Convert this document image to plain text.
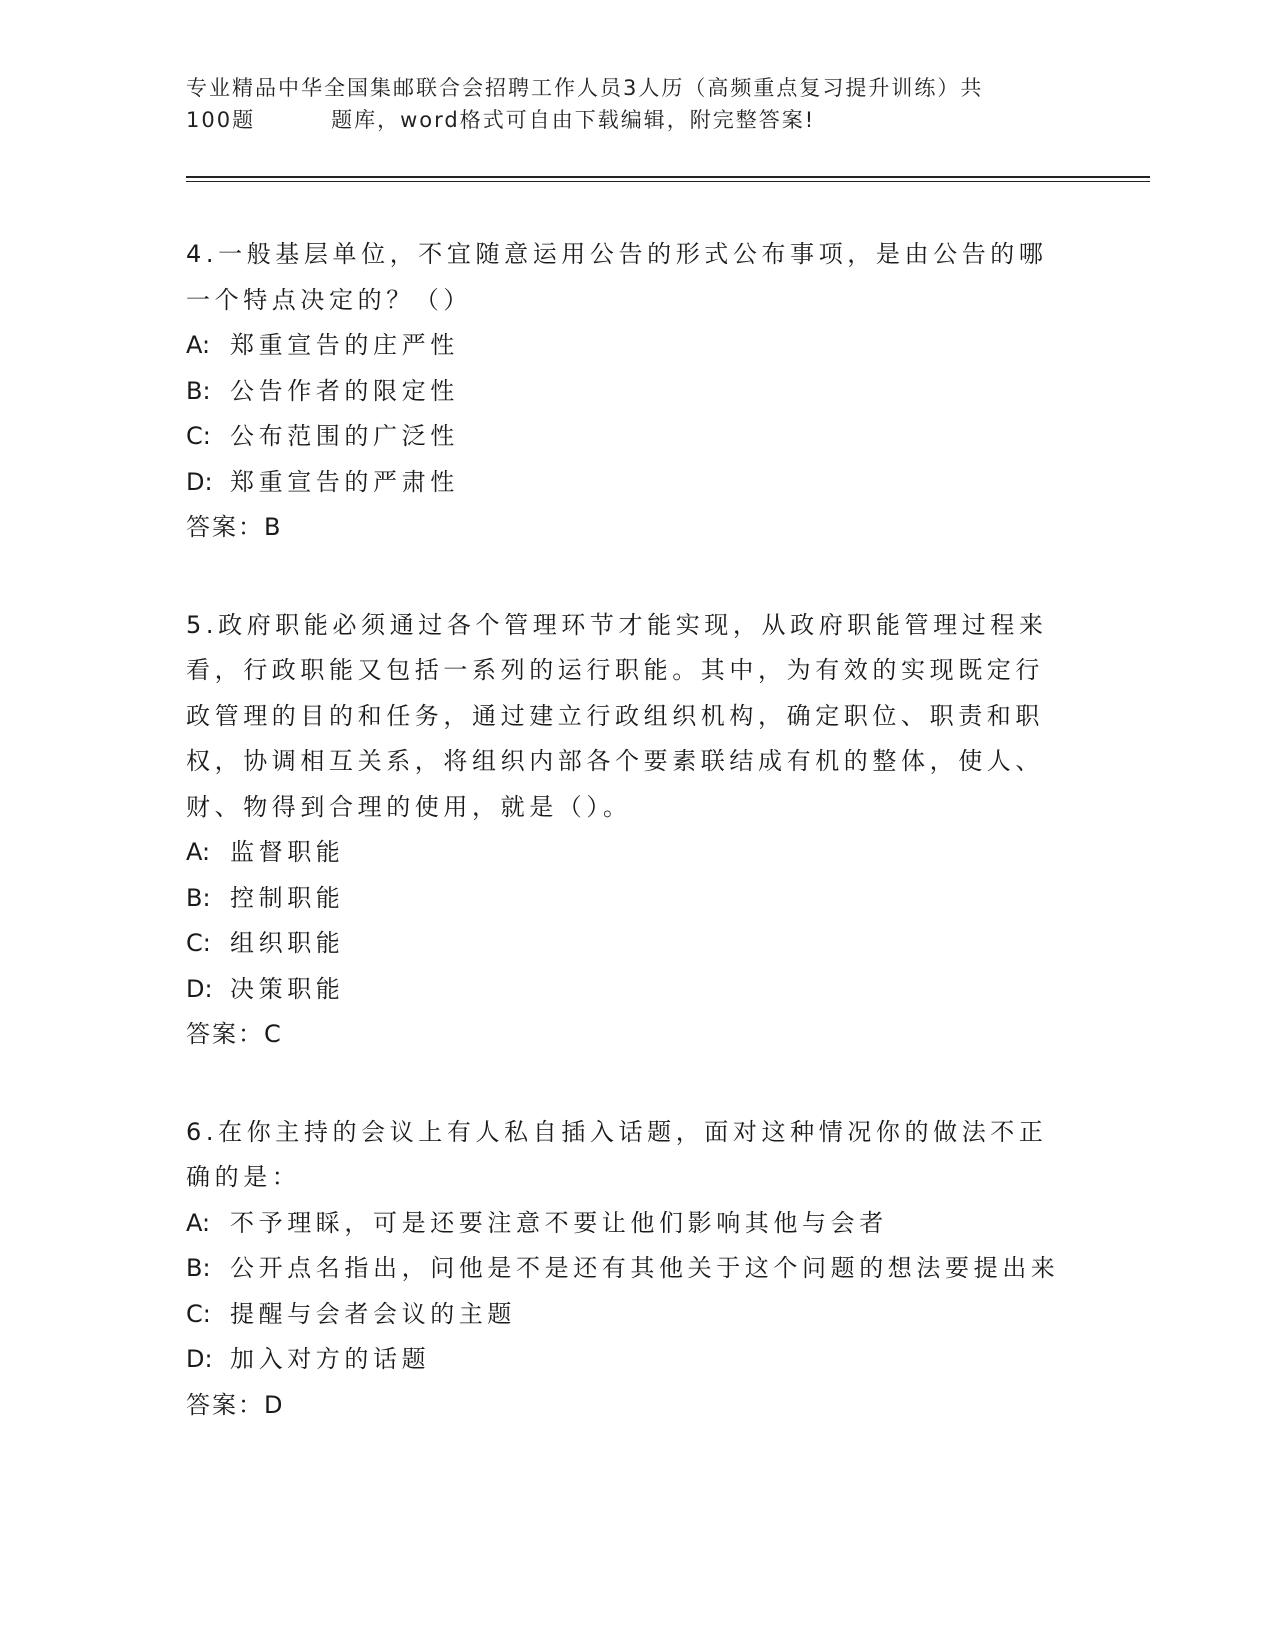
专业精品中华全国集邮联合会招聘工作人员3人历（高频重点复习提升训练）共
100题	题库，word格式可自由下载编辑，附完整答案!
4.一般基层单位，不宜随意运用公告的形式公布事项，是由公告的哪一个特点决定的？（）
A: 郑重宣告的庄严性
B: 公告作者的限定性
C: 公布范围的广泛性
D: 郑重宣告的严肃性
答案：B
5.政府职能必须通过各个管理环节才能实现，从政府职能管理过程来看，行政职能又包括一系列的运行职能。其中，为有效的实现既定行政管理的目的和任务，通过建立行政组织机构，确定职位、职责和职权，协调相互关系，将组织内部各个要素联结成有机的整体，使人、财、物得到合理的使用，就是（）。
A: 监督职能
B: 控制职能
C: 组织职能
D: 决策职能
答案：C
6.在你主持的会议上有人私自插入话题，面对这种情况你的做法不正确的是：
A: 不予理睬，可是还要注意不要让他们影响其他与会者
B: 公开点名指出，问他是不是还有其他关于这个问题的想法要提出来
C: 提醒与会者会议的主题
D: 加入对方的话题
答案：D
